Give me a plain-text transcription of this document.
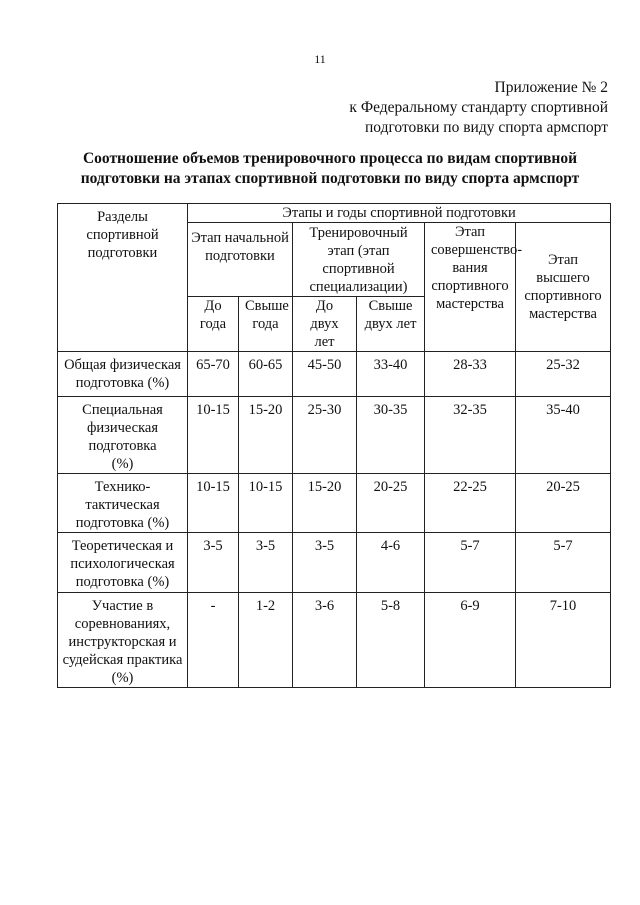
11
Приложение № 2
к Федеральному стандарту спортивной
подготовки по виду спорта армспорт
Соотношение объемов тренировочного процесса по видам спортивной
подготовки на этапах спортивной подготовки по виду спорта армспорт
Разделы спортивной подготовки	Этапы и годы спортивной подготовки					
	Этап начальной подготовки		Тренировочный этап (этап спортивной специализации)		Этап совершенство-вания спортивного мастерства	Этап высшего спортивного мастерства
	До года	Свыше года	До двух лет	Свыше двух лет		
Общая физическая подготовка (%)	65-70	60-65	45-50	33-40	28-33	25-32
Специальная физическая подготовка (%)	10-15	15-20	25-30	30-35	32-35	35-40
Технико-тактическая подготовка (%)	10-15	10-15	15-20	20-25	22-25	20-25
Теоретическая и психологическая подготовка (%)	3-5	3-5	3-5	4-6	5-7	5-7
Участие в соревнованиях, инструкторская и судейская практика (%)	-	1-2	3-6	5-8	6-9	7-10
